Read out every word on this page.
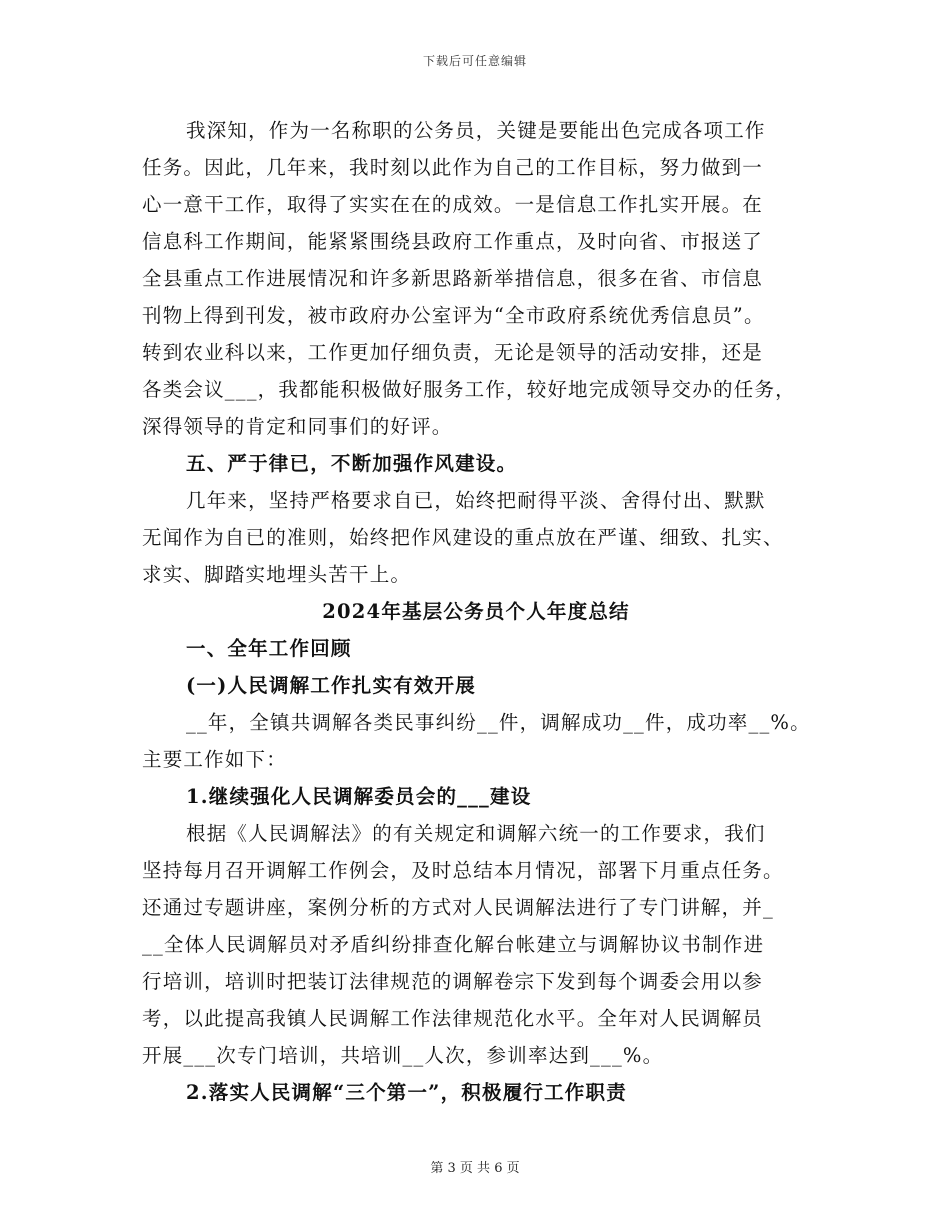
下载后可任意编辑
我深知，作为一名称职的公务员，关键是要能出色完成各项工作
任务。因此，几年来，我时刻以此作为自己的工作目标，努力做到一
心一意干工作，取得了实实在在的成效。一是信息工作扎实开展。在
信息科工作期间，能紧紧围绕县政府工作重点，及时向省、市报送了
全县重点工作进展情况和许多新思路新举措信息，很多在省、市信息
刊物上得到刊发，被市政府办公室评为“全市政府系统优秀信息员”。
转到农业科以来，工作更加仔细负责，无论是领导的活动安排，还是
各类会议___，我都能积极做好服务工作，较好地完成领导交办的任务，
深得领导的肯定和同事们的好评。
五、严于律已，不断加强作风建设。
几年来，坚持严格要求自已，始终把耐得平淡、舍得付出、默默
无闻作为自已的准则，始终把作风建设的重点放在严谨、细致、扎实、
求实、脚踏实地埋头苦干上。
2024年基层公务员个人年度总结
一、全年工作回顾
(一)人民调解工作扎实有效开展
__年，全镇共调解各类民事纠纷__件，调解成功__件，成功率__%。
主要工作如下：
1.继续强化人民调解委员会的___建设
根据《人民调解法》的有关规定和调解六统一的工作要求，我们
坚持每月召开调解工作例会，及时总结本月情况，部署下月重点任务。
还通过专题讲座，案例分析的方式对人民调解法进行了专门讲解，并_
__全体人民调解员对矛盾纠纷排查化解台帐建立与调解协议书制作进
行培训，培训时把装订法律规范的调解卷宗下发到每个调委会用以参
考，以此提高我镇人民调解工作法律规范化水平。全年对人民调解员
开展___次专门培训，共培训__人次，参训率达到___%。
2.落实人民调解“三个第一”，积极履行工作职责
第 3 页 共 6 页
